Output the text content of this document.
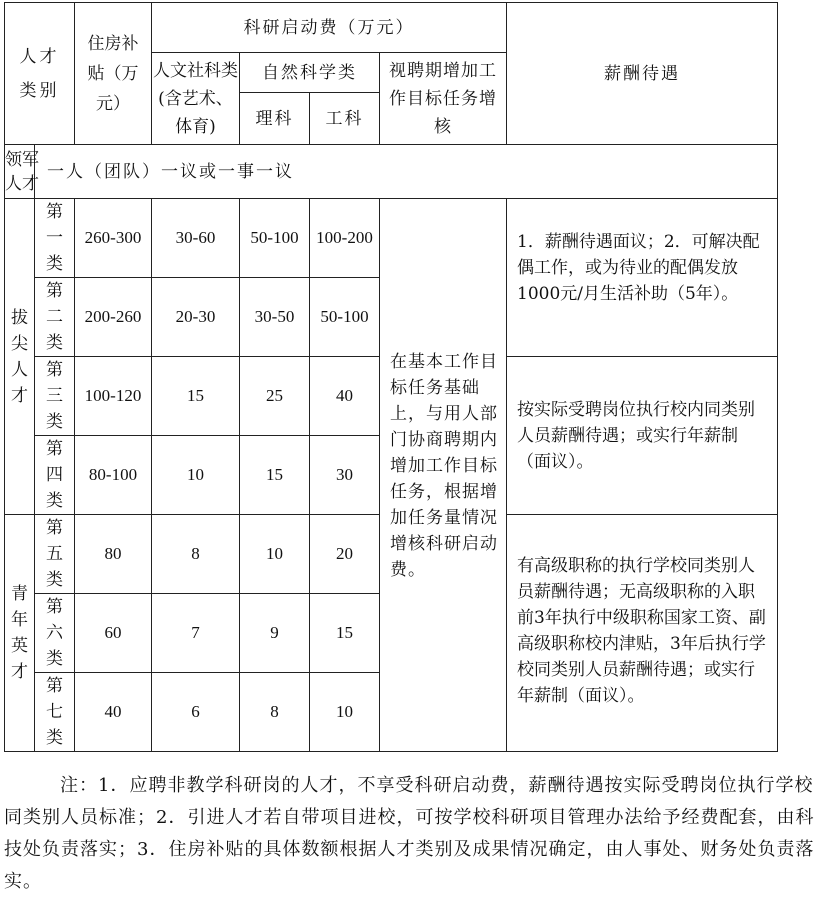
人才类别		住房补贴（万元）	科研启动费（万元）				薪酬待遇

			人文社科类(含艺术、体育)	自然科学类		视聘期增加工作目标任务增核	

				理科	工科		

领军人才	一人（团队）一议或一事一议						
拔尖人才	第一类	260-300	30-60	50-100	100-200	在基本工作目标任务基础上，与用人部门协商聘期内增加工作目标任务，根据增加任务量情况增核科研启动费。	1．薪酬待遇面议；2．可解决配偶工作，或为待业的配偶发放1000元/月生活补助（5年）。

	第二类	200-260	20-30	30-50	50-100		
	第三类	100-120	15	25	40		按实际受聘岗位执行校内同类别人员薪酬待遇；或实行年薪制（面议）。

	第四类	80-100	10	15	30		
青年英才	第五类	80	8	10	20		有高级职称的执行学校同类别人员薪酬待遇；无高级职称的入职前3年执行中级职称国家工资、副高级职称校内津贴，3年后执行学校同类别人员薪酬待遇；或实行年薪制（面议）。

	第六类	60	7	9	15		
	第七类	40	6	8	10		

注：1．应聘非教学科研岗的人才，不享受科研启动费，薪酬待遇按实际受聘岗位执行学校同类别人员标准；2．引进人才若自带项目进校，可按学校科研项目管理办法给予经费配套，由科技处负责落实；3．住房补贴的具体数额根据人才类别及成果情况确定，由人事处、财务处负责落实。
